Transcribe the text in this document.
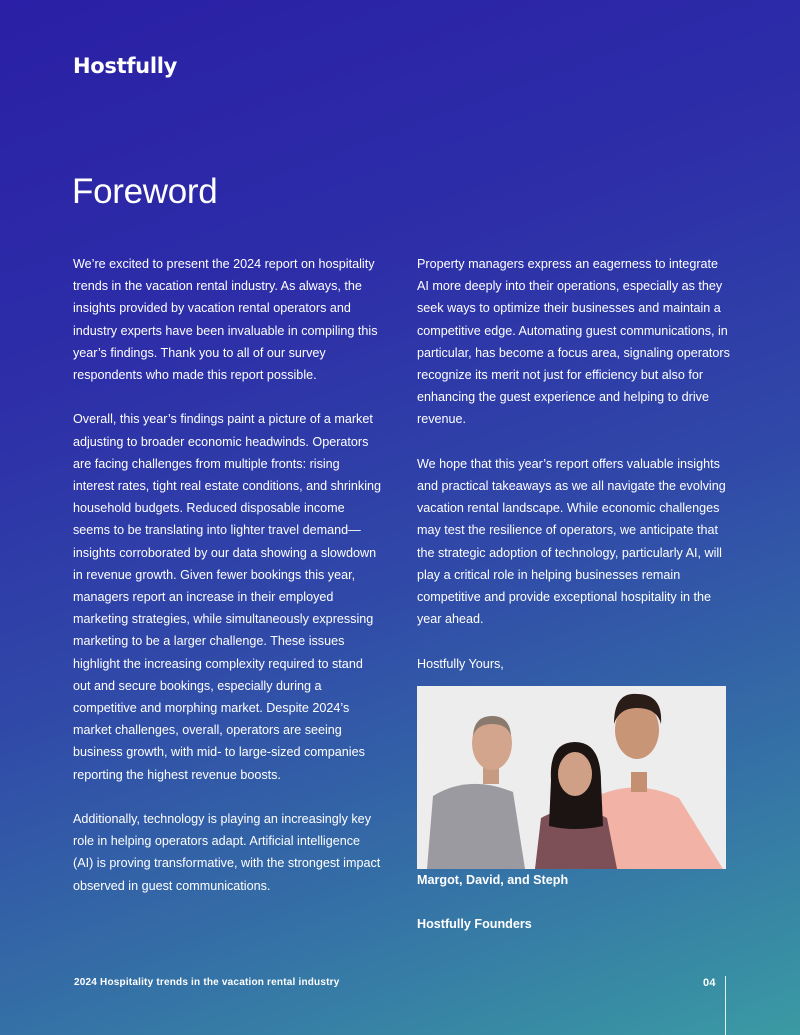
Hostfully
Foreword

We’re excited to present the 2024 report on hospitality trends in the vacation rental industry. As always, the insights provided by vacation rental operators and industry experts have been invaluable in compiling this year’s findings. Thank you to all of our survey respondents who made this report possible.

Overall, this year’s findings paint a picture of a market adjusting to broader economic headwinds. Operators are facing challenges from multiple fronts: rising interest rates, tight real estate conditions, and shrinking household budgets. Reduced disposable income seems to be translating into lighter travel demand—insights corroborated by our data showing a slowdown in revenue growth. Given fewer bookings this year, managers report an increase in their employed marketing strategies, while simultaneously expressing marketing to be a larger challenge. These issues highlight the increasing complexity required to stand out and secure bookings, especially during a competitive and morphing market. Despite 2024’s market challenges, overall, operators are seeing business growth, with mid- to large-sized companies reporting the highest revenue boosts.

Additionally, technology is playing an increasingly key role in helping operators adapt. Artificial intelligence (AI) is proving transformative, with the strongest impact observed in guest communications.

Property managers express an eagerness to integrate AI more deeply into their operations, especially as they seek ways to optimize their businesses and maintain a competitive edge. Automating guest communications, in particular, has become a focus area, signaling operators recognize its merit not just for efficiency but also for enhancing the guest experience and helping to drive revenue.

We hope that this year’s report offers valuable insights and practical takeaways as we all navigate the evolving vacation rental landscape. While economic challenges may test the resilience of operators, we anticipate that the strategic adoption of technology, particularly AI, will play a critical role in helping businesses remain competitive and provide exceptional hospitality in the year ahead.

Hostfully Yours,

Margot, David, and Steph

Hostfully Founders

2024 Hospitality trends in the vacation rental industry	04
